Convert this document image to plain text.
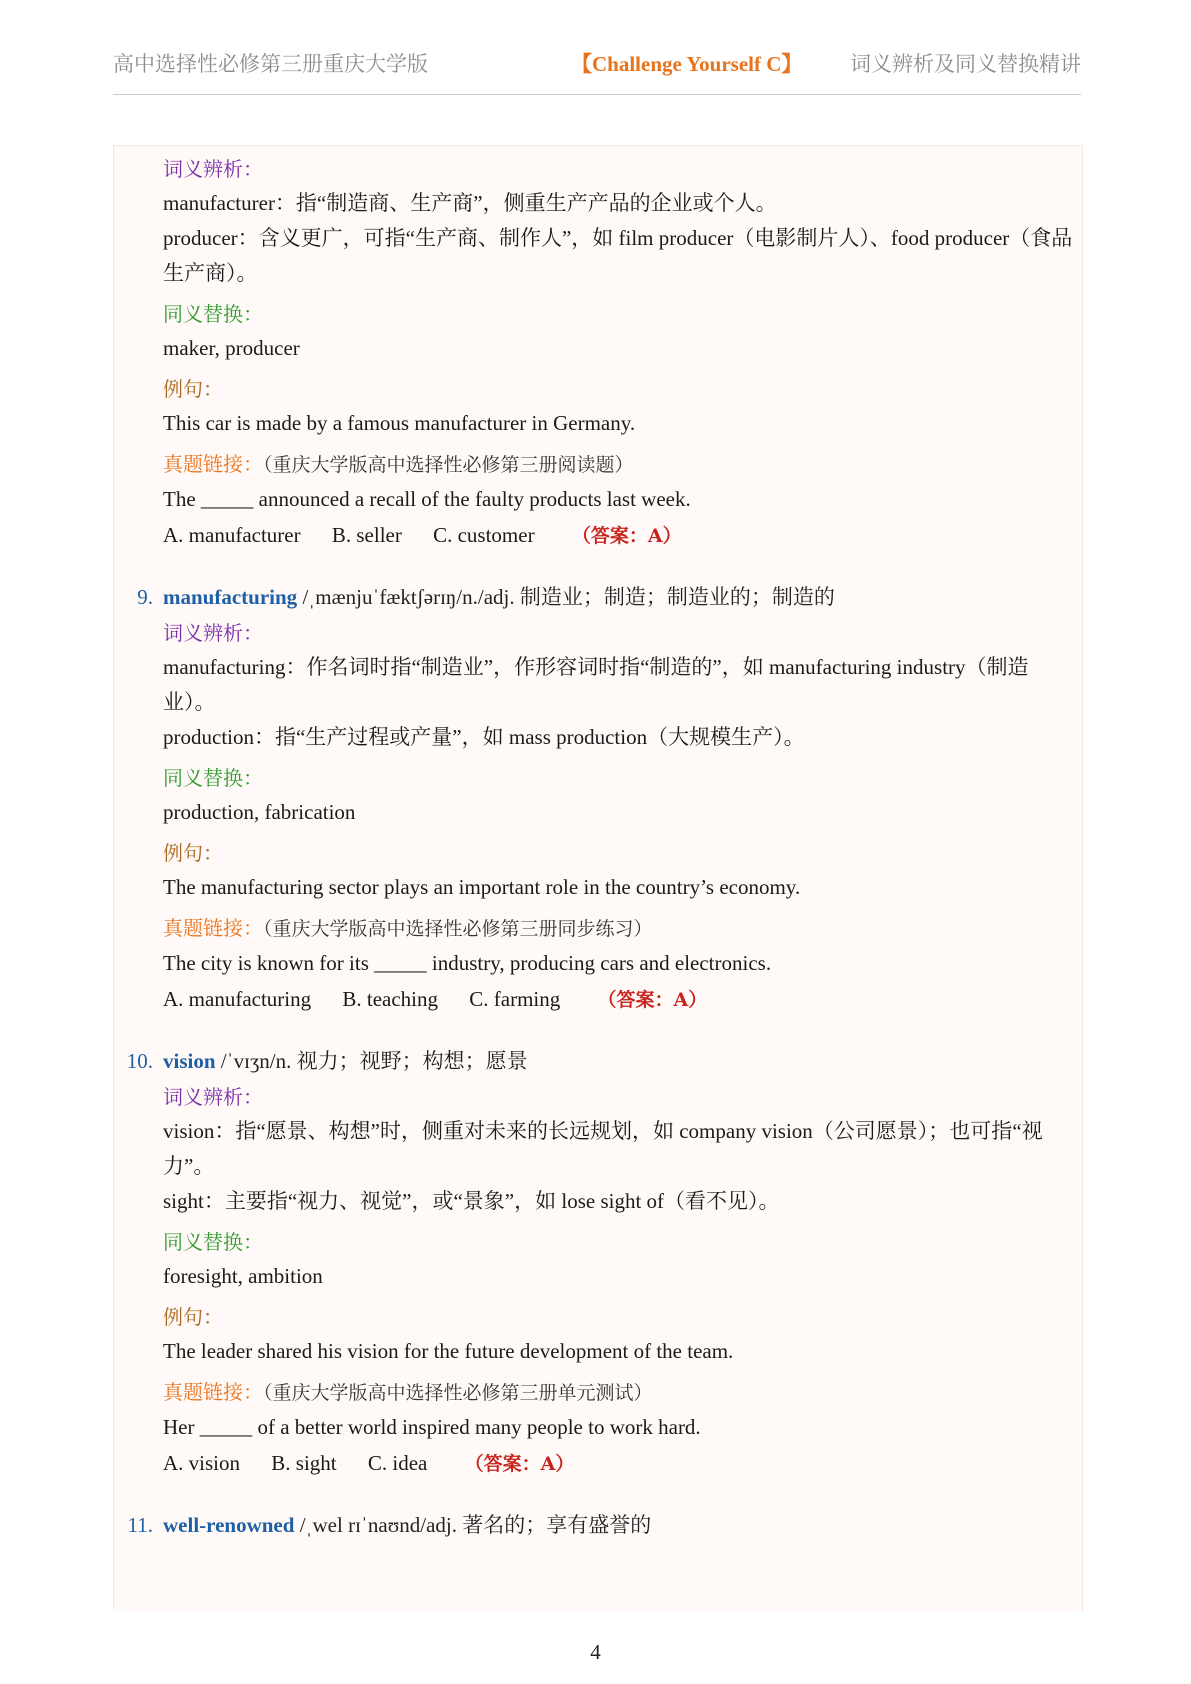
高中选择性必修第三册重庆大学版	【Challenge Yourself C】 词义辨析及同义替换精讲
词义辨析：
manufacturer：指“制造商、生产商”，侧重生产产品的企业或个人。
producer：含义更广，可指“生产商、制作人”，如 film producer（电影制片人）、food producer（食品生产商）。
同义替换：
maker, producer
例句：
This car is made by a famous manufacturer in Germany.
真题链接：（重庆大学版高中选择性必修第三册阅读题）
The _____ announced a recall of the faulty products last week.
A. manufacturer B. seller C. customer （答案：A）
9. manufacturing /ˌmænjuˈfæktʃərɪŋ/n./adj. 制造业；制造；制造业的；制造的
词义辨析：
manufacturing：作名词时指“制造业”，作形容词时指“制造的”，如 manufacturing industry（制造业）。
production：指“生产过程或产量”，如 mass production（大规模生产）。
同义替换：
production, fabrication
例句：
The manufacturing sector plays an important role in the country’s economy.
真题链接：（重庆大学版高中选择性必修第三册同步练习）
The city is known for its _____ industry, producing cars and electronics.
A. manufacturing B. teaching C. farming （答案：A）
10. vision /ˈvɪʒn/n. 视力；视野；构想；愿景
词义辨析：
vision：指“愿景、构想”时，侧重对未来的长远规划，如 company vision（公司愿景）；也可指“视力”。
sight：主要指“视力、视觉”，或“景象”，如 lose sight of（看不见）。
同义替换：
foresight, ambition
例句：
The leader shared his vision for the future development of the team.
真题链接：（重庆大学版高中选择性必修第三册单元测试）
Her _____ of a better world inspired many people to work hard.
A. vision B. sight C. idea （答案：A）
11. well-renowned /ˌwel rɪˈnaʊnd/adj. 著名的；享有盛誉的
4
